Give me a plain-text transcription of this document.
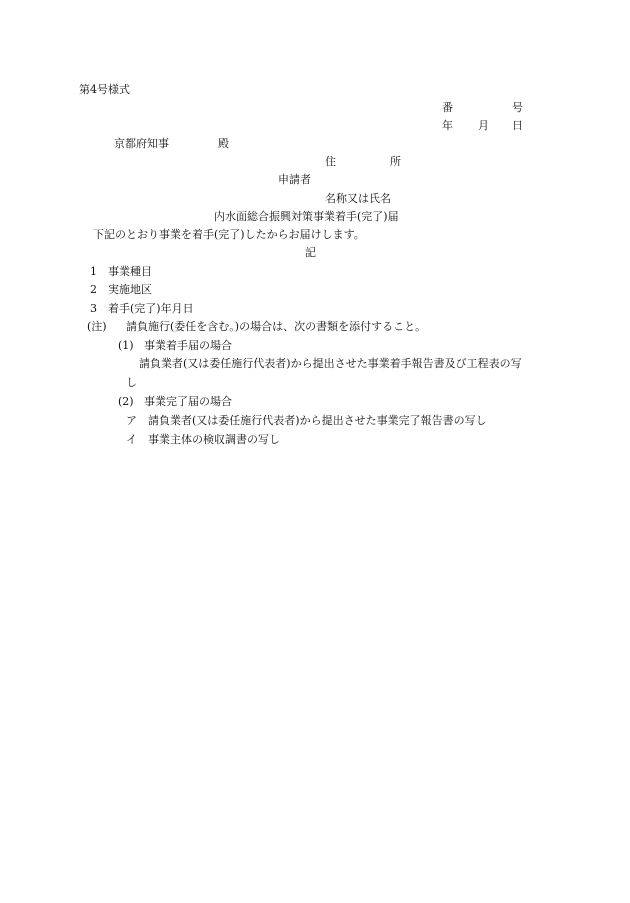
第4号様式
番	号
年 月 日
京都府知事	殿
住	所
申請者
名称又は氏名
内水面総合振興対策事業着手(完了)届
下記のとおり事業を着手(完了)したからお届けします。
記
1 事業種目
2 実施地区
3 着手(完了)年月日
(注) 請負施行(委任を含む。)の場合は、次の書類を添付すること。
(1) 事業着手届の場合
請負業者(又は委任施行代表者)から提出させた事業着手報告書及び工程表の写
し
(2) 事業完了届の場合
ア 請負業者(又は委任施行代表者)から提出させた事業完了報告書の写し
イ 事業主体の検収調書の写し
